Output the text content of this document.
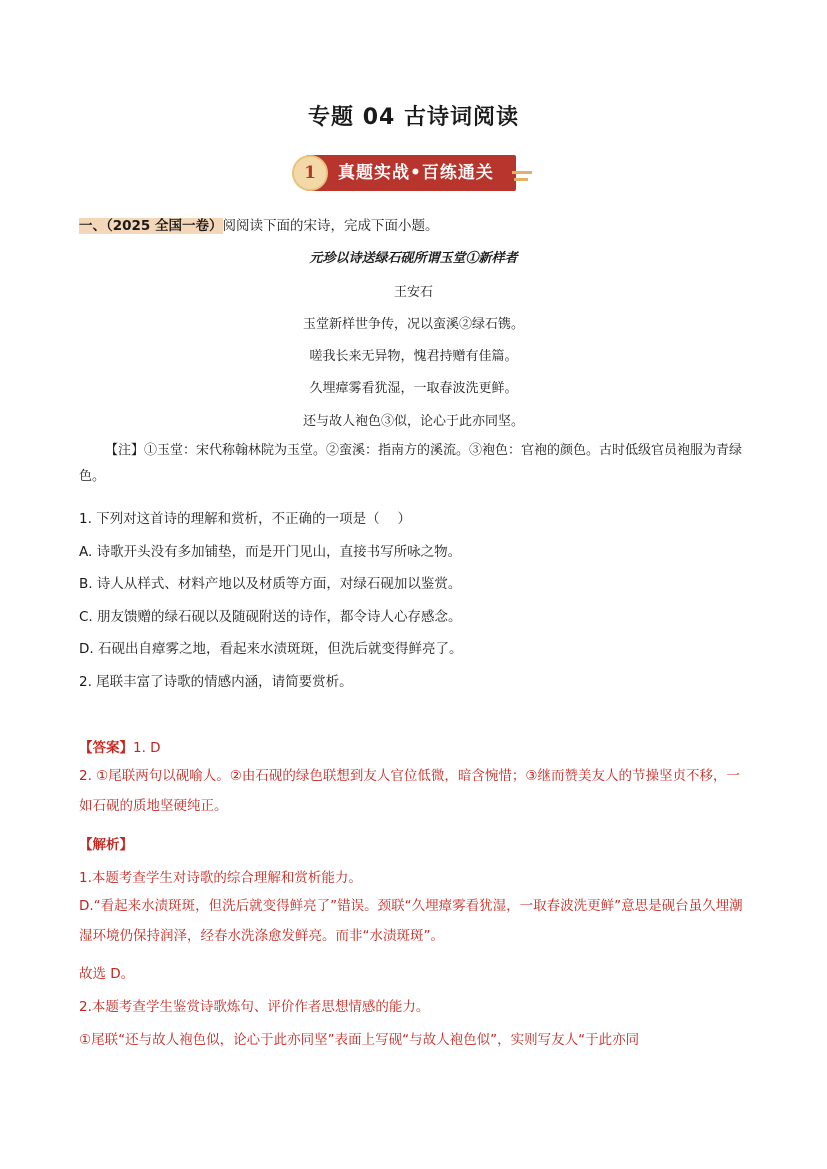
专题 04 古诗词阅读
1	真题实战•百练通关
一、（2025 全国一卷）阅阅读下面的宋诗，完成下面小题。
元珍以诗送绿石砚所谓玉堂①新样者
王安石
玉堂新样世争传，况以蛮溪②绿石镌。
嗟我长来无异物，愧君持赠有佳篇。
久埋瘴雾看犹湿，一取春波洗更鲜。
还与故人袍色③似，论心于此亦同坚。
【注】①玉堂：宋代称翰林院为玉堂。②蛮溪：指南方的溪流。③袍色：官袍的颜色。古时低级官员袍服为青绿色。
1. 下列对这首诗的理解和赏析，不正确的一项是（　 ）
A. 诗歌开头没有多加铺垫，而是开门见山，直接书写所咏之物。
B. 诗人从样式、材料产地以及材质等方面，对绿石砚加以鉴赏。
C. 朋友馈赠的绿石砚以及随砚附送的诗作，都令诗人心存感念。
D. 石砚出自瘴雾之地，看起来水渍斑斑，但洗后就变得鲜亮了。
2. 尾联丰富了诗歌的情感内涵，请简要赏析。
【答案】1. D
2. ①尾联两句以砚喻人。②由石砚的绿色联想到友人官位低微，暗含惋惜；③继而赞美友人的节操坚贞不移，一如石砚的质地坚硬纯正。
【解析】
1.本题考查学生对诗歌的综合理解和赏析能力。
D.“看起来水渍斑斑，但洗后就变得鲜亮了”错误。颈联“久埋瘴雾看犹湿，一取春波洗更鲜”意思是砚台虽久埋潮湿环境仍保持润泽，经春水洗涤愈发鲜亮。而非“水渍斑斑”。
故选 D。
2.本题考查学生鉴赏诗歌炼句、评价作者思想情感的能力。
①尾联“还与故人袍色似，论心于此亦同坚”表面上写砚“与故人袍色似”，实则写友人“于此亦同
